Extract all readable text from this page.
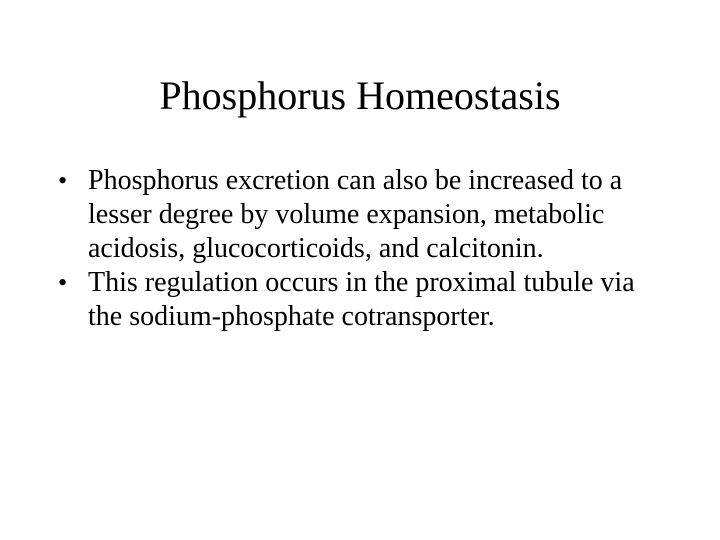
Phosphorus Homeostasis
• Phosphorus excretion can also be increased to a lesser degree by volume expansion, metabolic acidosis, glucocorticoids, and calcitonin.
• This regulation occurs in the proximal tubule via the sodium-phosphate cotransporter.
